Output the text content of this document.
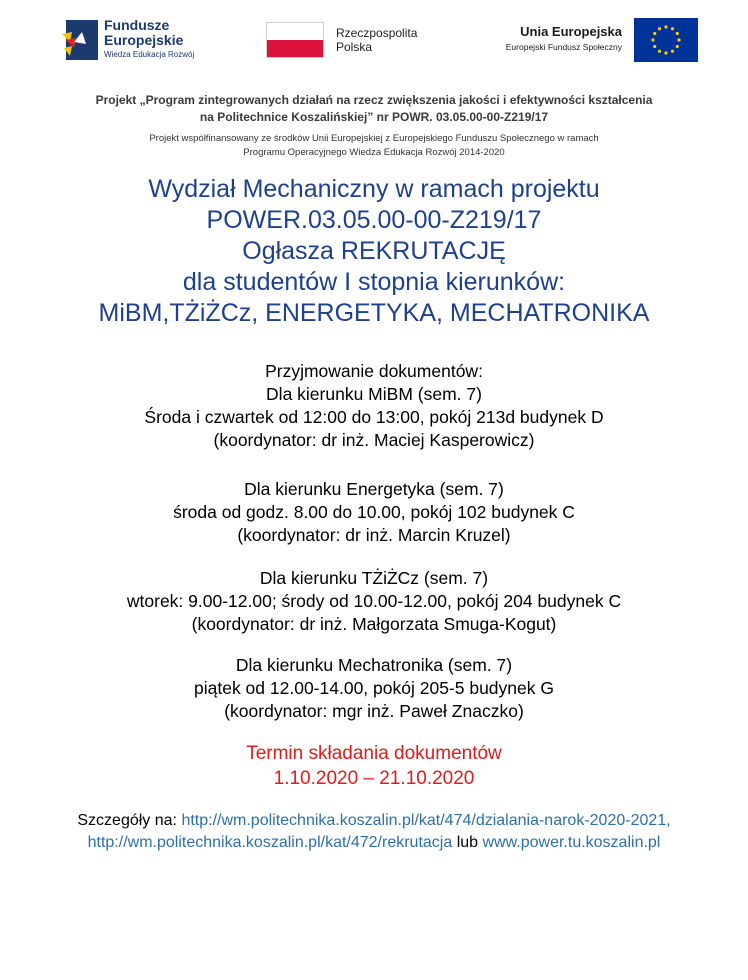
Fundusze
Europejskie
Wiedza Edukacja Rozwój
Rzeczpospolita
Polska
Unia Europejska
Europejski Fundusz Społeczny
Projekt „Program zintegrowanych działań na rzecz zwiększenia jakości i efektywności kształcenia
na Politechnice Koszalińskiej” nr POWR. 03.05.00-00-Z219/17
Projekt współfinansowany ze środków Unii Europejskiej z Europejskiego Funduszu Społecznego w ramach
Programu Operacyjnego Wiedza Edukacja Rozwój 2014-2020
Wydział Mechaniczny w ramach projektu
POWER.03.05.00-00-Z219/17
Ogłasza REKRUTACJĘ
dla studentów I stopnia kierunków:
MiBM,TŻiŻCz, ENERGETYKA, MECHATRONIKA
Przyjmowanie dokumentów:
Dla kierunku MiBM (sem. 7)
Środa i czwartek od 12:00 do 13:00, pokój 213d budynek D
(koordynator: dr inż. Maciej Kasperowicz)
Dla kierunku Energetyka (sem. 7)
środa od godz. 8.00 do 10.00, pokój 102 budynek C
(koordynator: dr inż. Marcin Kruzel)
Dla kierunku TŻiŻCz (sem. 7)
wtorek: 9.00-12.00; środy od 10.00-12.00, pokój 204 budynek C
(koordynator: dr inż. Małgorzata Smuga-Kogut)
Dla kierunku Mechatronika (sem. 7)
piątek od 12.00-14.00, pokój 205-5 budynek G
(koordynator: mgr inż. Paweł Znaczko)
Termin składania dokumentów
1.10.2020 – 21.10.2020
Szczegóły na: http://wm.politechnika.koszalin.pl/kat/474/dzialania-narok-2020-2021,
http://wm.politechnika.koszalin.pl/kat/472/rekrutacja lub www.power.tu.koszalin.pl
